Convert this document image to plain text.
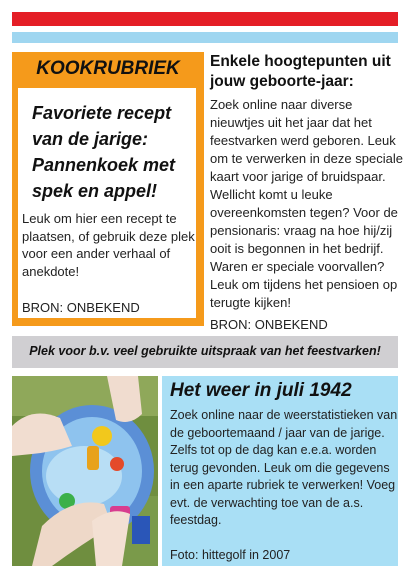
KOOKRUBRIEK
Favoriete recept van de jarige: Pannenkoek met spek en appel!
Leuk om hier een recept te plaatsen, of gebruik deze plek voor een ander verhaal of anekdote!
BRON: ONBEKEND
Enkele hoogtepunten uit jouw geboorte-jaar:
Zoek online naar diverse nieuwtjes uit het jaar dat het feestvarken werd geboren. Leuk om te verwerken in deze speciale kaart voor jarige of bruidspaar. Wellicht komt u leuke overeenkomsten tegen? Voor de pensionaris: vraag na hoe hij/zij ooit is begonnen in het bedrijf. Waren er speciale voorvallen? Leuk om tijdens het pensioen op terugte kijken!
BRON: ONBEKEND
Plek voor b.v. veel gebruikte uitspraak van het feestvarken!
Het weer in juli 1942
Zoek online naar de weerstatistieken van de geboortemaand / jaar van de jarige. Zelfs tot op de dag kan e.e.a. worden terug gevonden. Leuk om die gegevens in een aparte rubriek te verwerken! Voeg evt. de verwachting toe van de a.s. feestdag.
Foto: hittegolf in 2007
